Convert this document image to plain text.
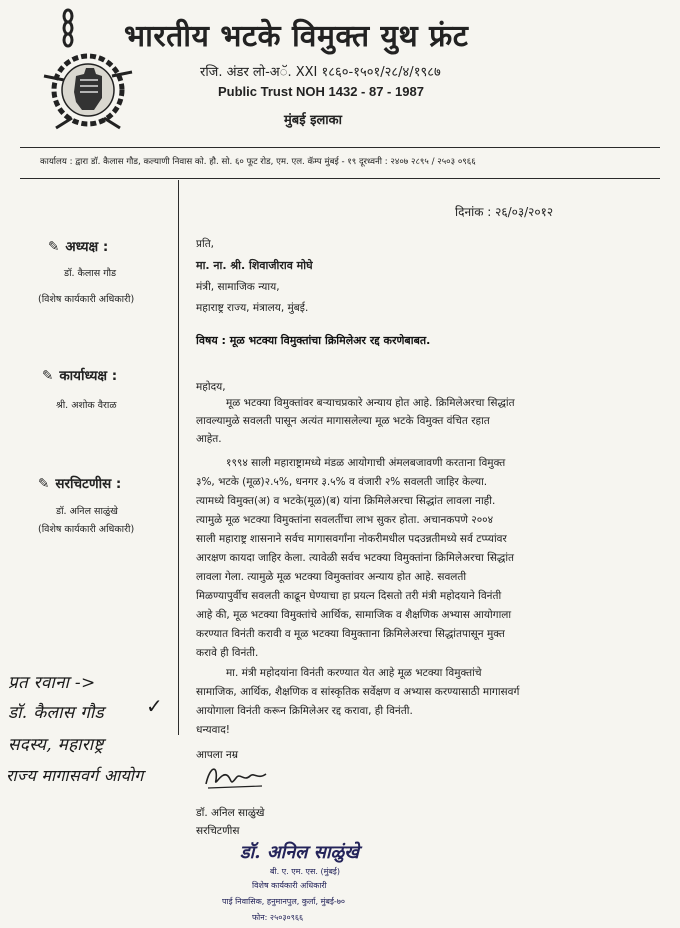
भारतीय भटके विमुक्त युथ फ्रंट
रजि. अंडर लो-अॅ. XXI १८६०-१५०१/२८/४/१९८७
Public Trust NOH 1432 - 87 - 1987
मुंबई इलाका
कार्यालय : द्वारा डॉ. कैलास गौड, कल्याणी निवास को. हौ. सो. ६० फूट रोड, एम. एल. कॅम्प मुंबई - १९ दूरध्वनी : २४०७ २८९५ / २५०३ ०९६६
✎ अध्यक्ष :
डॉ. कैलास गौड
(विशेष कार्यकारी अधिकारी)
✎ कार्याध्यक्ष :
श्री. अशोक वैराळ
✎ सरचिटणीस :
डॉ. अनिल साळुंखे
(विशेष कार्यकारी अधिकारी)
प्रत रवाना ->
डॉ. कैलास गौड ✓
सदस्य, महाराष्ट्र
राज्य मागासवर्ग आयोग
दिनांक : २६/०३/२०१२
प्रति,
मा. ना. श्री. शिवाजीराव मोघे
मंत्री, सामाजिक न्याय,
महाराष्ट्र राज्य, मंत्रालय, मुंबई.
विषय : मूळ भटक्या विमुक्तांचा क्रिमिलेअर रद्द करणेबाबत.
महोदय,
मूळ भटक्या विमुक्तांवर बऱ्याचप्रकारे अन्याय होत आहे. क्रिमिलेअरचा सिद्धांत
लावल्यामुळे सवलती पासून अत्यंत मागासलेल्या मूळ भटके विमुक्त वंचित रहात
आहेत.
१९९४ साली महाराष्ट्रामध्ये मंडळ आयोगाची अंमलबजावणी करताना विमुक्त
३%, भटके (मूळ)२.५%, धनगर ३.५% व वंजारी २% सवलती जाहिर केल्या.
त्यामध्ये विमुक्त(अ) व भटके(मूळ)(ब) यांना क्रिमिलेअरचा सिद्धांत लावला नाही.
त्यामुळे मूळ भटक्या विमुक्तांना सवलतींचा लाभ सुकर होता. अचानकपणे २००४
साली महाराष्ट्र शासनाने सर्वच मागासवर्गांना नोकरीमधील पदउन्नतीमध्ये सर्व टप्प्यांवर
आरक्षण कायदा जाहिर केला. त्यावेळी सर्वच भटक्या विमुक्तांना क्रिमिलेअरचा सिद्धांत
लावला गेला. त्यामुळे मूळ भटक्या विमुक्तांवर अन्याय होत आहे. सवलती
मिळण्यापुर्वीच सवलती काढून घेण्याचा हा प्रयत्न दिसतो तरी मंत्री महोदयाने विनंती
आहे की, मूळ भटक्या विमुक्तांचे आर्थिक, सामाजिक व शैक्षणिक अभ्यास आयोगाला
करण्यात विनंती करावी व मूळ भटक्या विमुक्ताना क्रिमिलेअरचा सिद्धांतपासून मुक्त
करावे ही विनंती.
मा. मंत्री महोदयांना विनंती करण्यात येत आहे मूळ भटक्या विमुक्तांचे
सामाजिक, आर्थिक, शैक्षणिक व सांस्कृतिक सर्वेक्षण व अभ्यास करण्यासाठी मागासवर्ग
आयोगाला विनंती करून क्रिमिलेअर रद्द करावा, ही विनंती.
धन्यवाद!
आपला नम्र
डॉ. अनिल साळुंखे
सरचिटणीस
डॉ. अनिल साळुंखे
बी. ए. एम. एस. (मुंबई)
विशेष कार्यकारी अधिकारी
पाई निवासिक, हनुमानपुल, कुर्ला, मुंबई-७०
फोन: २५०३०९६६
